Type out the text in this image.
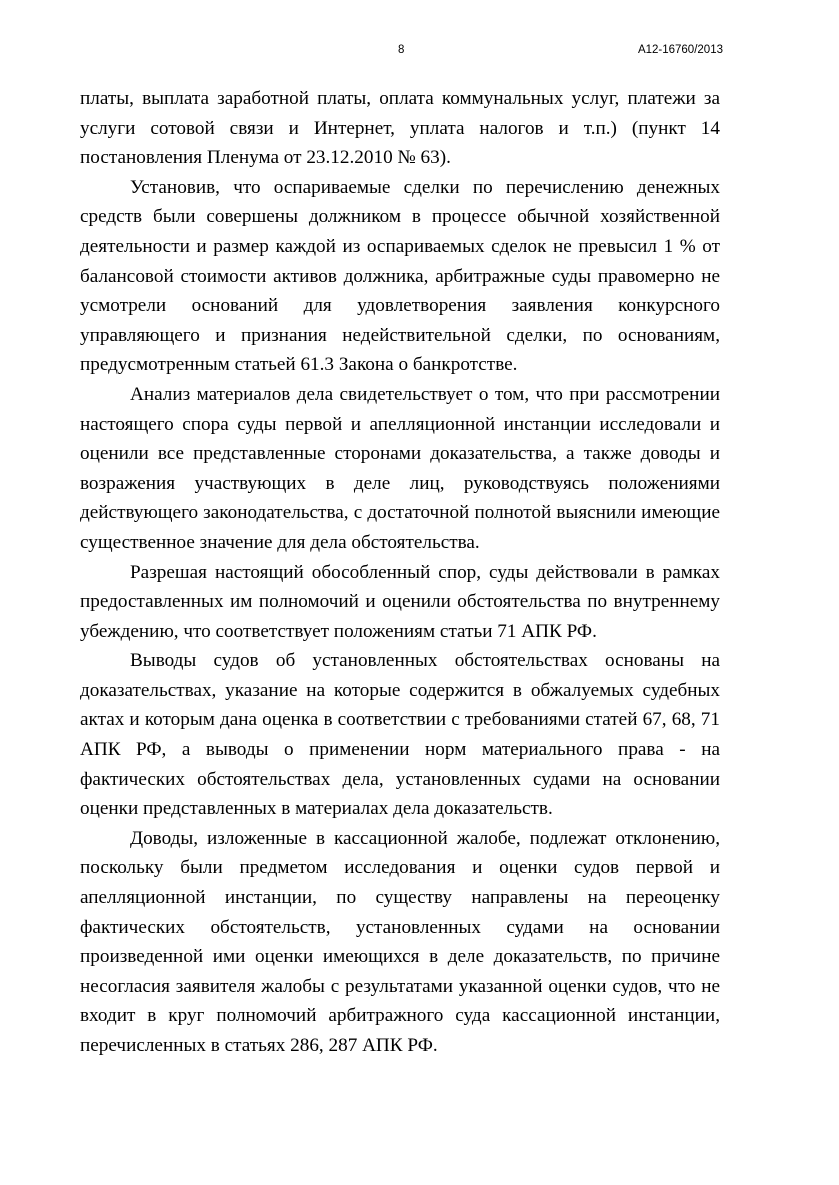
8	А12-16760/2013

платы, выплата заработной платы, оплата коммунальных услуг, платежи за услуги сотовой связи и Интернет, уплата налогов и т.п.) (пункт 14 постановления Пленума от 23.12.2010 № 63).

Установив, что оспариваемые сделки по перечислению денежных средств были совершены должником в процессе обычной хозяйственной деятельности и размер каждой из оспариваемых сделок не превысил 1 % от балансовой стоимости активов должника, арбитражные суды правомерно не усмотрели оснований для удовлетворения заявления конкурсного управляющего и признания недействительной сделки, по основаниям, предусмотренным статьей 61.3 Закона о банкротстве.

Анализ материалов дела свидетельствует о том, что при рассмотрении настоящего спора суды первой и апелляционной инстанции исследовали и оценили все представленные сторонами доказательства, а также доводы и возражения участвующих в деле лиц, руководствуясь положениями действующего законодательства, с достаточной полнотой выяснили имеющие существенное значение для дела обстоятельства.

Разрешая настоящий обособленный спор, суды действовали в рамках предоставленных им полномочий и оценили обстоятельства по внутреннему убеждению, что соответствует положениям статьи 71 АПК РФ.

Выводы судов об установленных обстоятельствах основаны на доказательствах, указание на которые содержится в обжалуемых судебных актах и которым дана оценка в соответствии с требованиями статей 67, 68, 71 АПК РФ, а выводы о применении норм материального права - на фактических обстоятельствах дела, установленных судами на основании оценки представленных в материалах дела доказательств.

Доводы, изложенные в кассационной жалобе, подлежат отклонению, поскольку были предметом исследования и оценки судов первой и апелляционной инстанции, по существу направлены на переоценку фактических обстоятельств, установленных судами на основании произведенной ими оценки имеющихся в деле доказательств, по причине несогласия заявителя жалобы с результатами указанной оценки судов, что не входит в круг полномочий арбитражного суда кассационной инстанции, перечисленных в статьях 286, 287 АПК РФ.
